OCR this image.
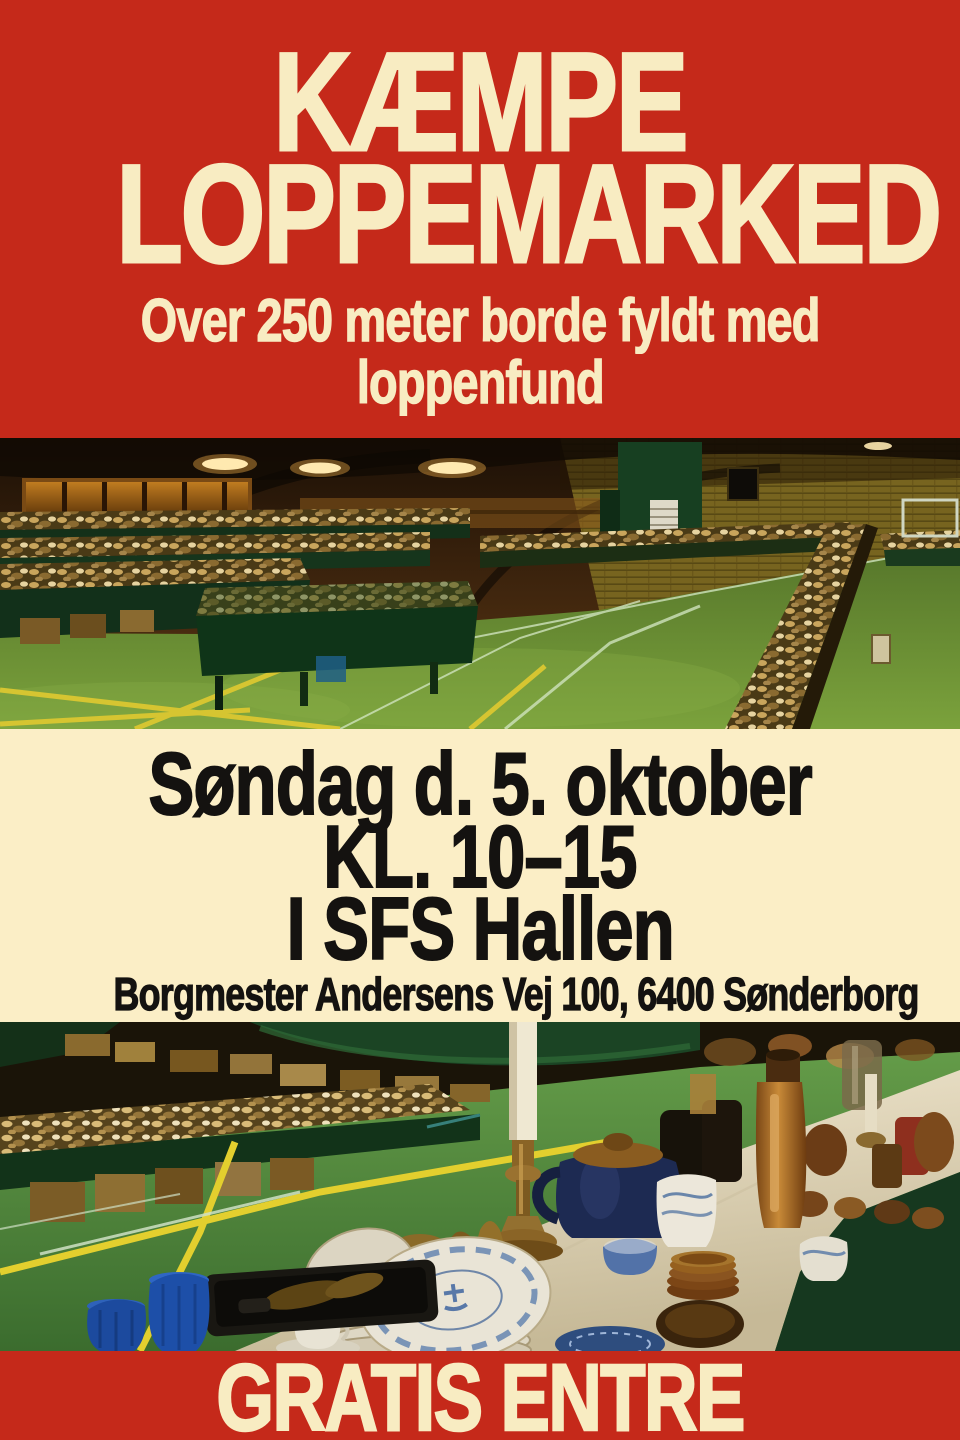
KÆMPE
LOPPEMARKED
Over 250 meter borde fyldt med
loppenfund
Søndag d. 5. oktober
KL. 10–15
I SFS Hallen
Borgmester Andersens Vej 100, 6400 Sønderborg
GRATIS ENTRE
